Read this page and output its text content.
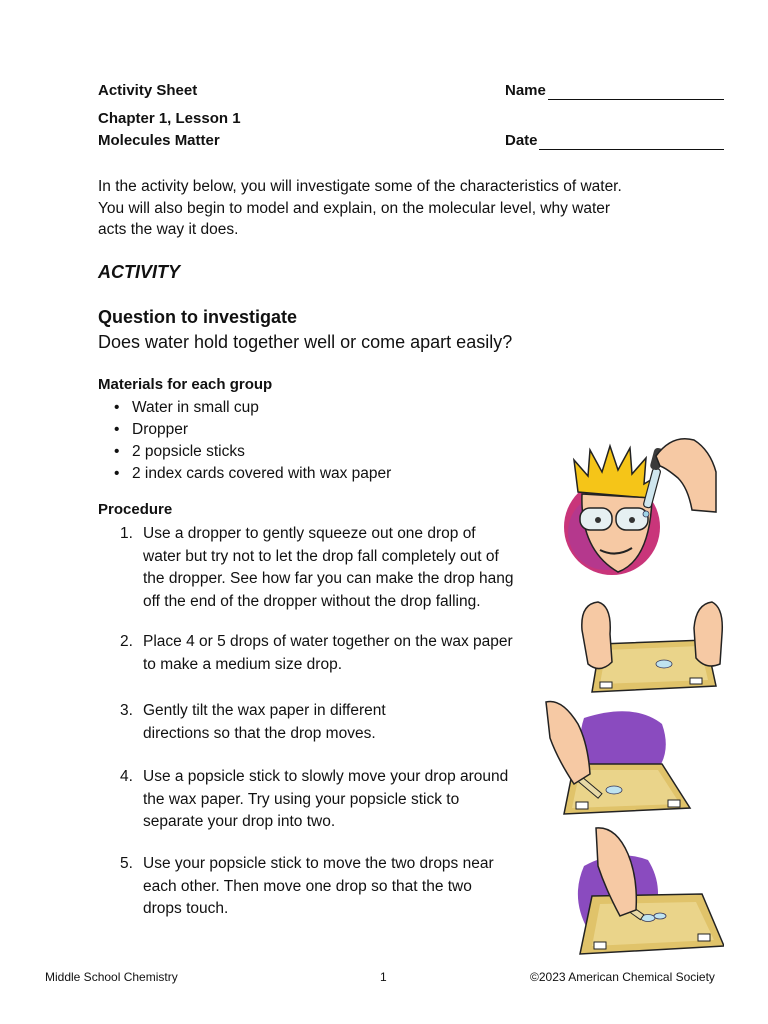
Activity Sheet
Chapter 1, Lesson 1
Molecules Matter
Name
Date
In the activity below, you will investigate some of the characteristics of water.
You will also begin to model and explain, on the molecular level, why water
acts the way it does.
ACTIVITY
Question to investigate
Does water hold together well or come apart easily?
Materials for each group
• Water in small cup
• Dropper
• 2 popsicle sticks
• 2 index cards covered with wax paper
Procedure
1. Use a dropper to gently squeeze out one drop of
water but try not to let the drop fall completely out of
the dropper. See how far you can make the drop hang
off the end of the dropper without the drop falling.
2. Place 4 or 5 drops of water together on the wax paper
to make a medium size drop.
3. Gently tilt the wax paper in different
directions so that the drop moves.
4. Use a popsicle stick to slowly move your drop around
the wax paper. Try using your popsicle stick to
separate your drop into two.
5. Use your popsicle stick to move the two drops near
each other. Then move one drop so that the two
drops touch.
Middle School Chemistry	1	©2023 American Chemical Society
